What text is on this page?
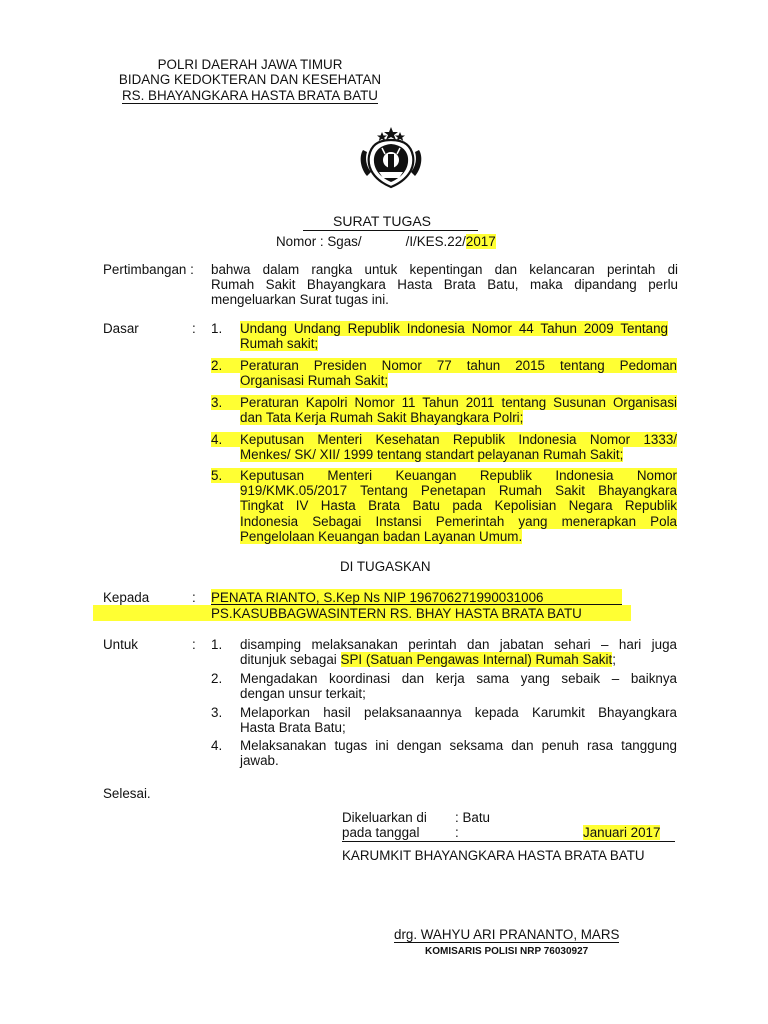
POLRI DAERAH JAWA TIMUR
BIDANG KEDOKTERAN DAN KESEHATAN
RS. BHAYANGKARA HASTA BRATA BATU
SURAT TUGAS
Nomor : Sgas/	/I/KES.22/2017
Pertimbangan : bahwa dalam rangka untuk kepentingan dan kelancaran perintah di
Rumah Sakit Bhayangkara Hasta Brata Batu, maka dipandang perlu
mengeluarkan Surat tugas ini.
Dasar	: 1. Undang Undang Republik Indonesia Nomor 44 Tahun 2009 Tentang
Rumah sakit;
2.	Peraturan Presiden Nomor 77 tahun 2015 tentang Pedoman
Organisasi Rumah Sakit;
3.	Peraturan Kapolri Nomor 11 Tahun 2011 tentang Susunan Organisasi
dan Tata Kerja Rumah Sakit Bhayangkara Polri;
4.	Keputusan Menteri Kesehatan Republik Indonesia Nomor 1333/
Menkes/ SK/ XII/ 1999 tentang standart pelayanan Rumah Sakit;
5.	Keputusan Menteri Keuangan Republik Indonesia Nomor
919/KMK.05/2017 Tentang Penetapan Rumah Sakit Bhayangkara
Tingkat IV Hasta Brata Batu pada Kepolisian Negara Republik
Indonesia Sebagai Instansi Pemerintah yang menerapkan Pola
Pengelolaan Keuangan badan Layanan Umum.
DI TUGASKAN
Kepada	: PENATA RIANTO, S.Kep Ns NIP 196706271990031006
PS.KASUBBAGWASINTERN RS. BHAY HASTA BRATA BATU
Untuk	: 1. disamping melaksanakan perintah dan jabatan sehari – hari juga
ditunjuk sebagai SPI (Satuan Pengawas Internal) Rumah Sakit;
2. Mengadakan koordinasi dan kerja sama yang sebaik – baiknya
dengan unsur terkait;
3. Melaporkan hasil pelaksanaannya kepada Karumkit Bhayangkara
Hasta Brata Batu;
4. Melaksanakan tugas ini dengan seksama dan penuh rasa tanggung
jawab.
Selesai.
Dikeluarkan di : Batu
pada tanggal	:	Januari 2017
KARUMKIT BHAYANGKARA HASTA BRATA BATU
drg. WAHYU ARI PRANANTO, MARS
KOMISARIS POLISI NRP 76030927
